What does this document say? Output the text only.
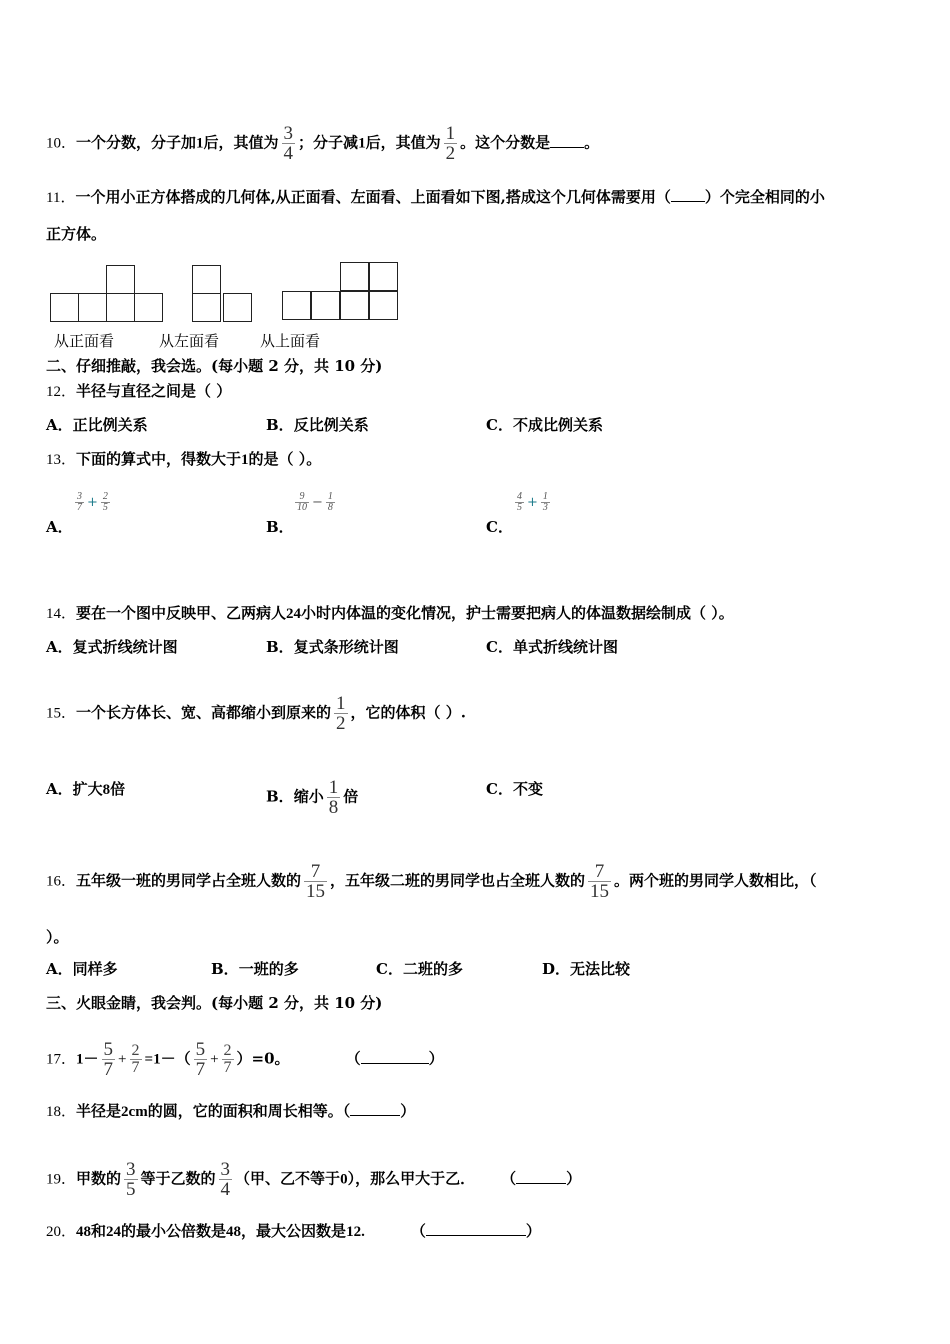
10．一个分数，分子加1后，其值为 $\frac{3}{4}$ ；分子减1后，其值为 $\frac{1}{2}$ 。这个分数是 。
11．一个用小正方体搭成的几何体,从正面看、左面看、上面看如下图,搭成这个几何体需要用（ ）个完全相同的小
正方体。
从正面看	从左面看	从上面看
二、仔细推敲，我会选。(每小题 2 分，共 10 分)
12．半径与直径之间是（ ）
A．正比例关系	B．反比例关系	C．不成比例关系
13．下面的算式中，得数大于1的是（ ）。
A．
$\frac{3}{7} + \frac{2}{5}$
B．
$\frac{9}{10} - \frac{1}{8}$
C．
$\frac{4}{5} + \frac{1}{3}$
14．要在一个图中反映甲、乙两病人24小时内体温的变化情况，护士需要把病人的体温数据绘制成（ ）。
A．复式折线统计图	B．复式条形统计图	C．单式折线统计图
15．一个长方体长、宽、高都缩小到原来的 $\frac{1}{2}$ ，它的体积（ ）.
A．扩大8倍	B．缩小 $\frac{1}{8}$ 倍	C．不变
16．五年级一班的男同学占全班人数的 $\frac{7}{15}$ ，五年级二班的男同学也占全班人数的 $\frac{7}{15}$ 。两个班的男同学人数相比，（
）。
A．同样多	B．一班的多	C．二班的多	D．无法比较
三、火眼金睛，我会判。(每小题 2 分，共 10 分)
17．$1- \frac{5}{7} + \frac{2}{7} =1-( \frac{5}{7} + \frac{2}{7} )=0$。	（	）
18．半径是2cm的圆，它的面积和周长相等。（	）
19．甲数的 $\frac{3}{5}$ 等于乙数的 $\frac{3}{4}$ （甲、乙不等于0），那么甲大于乙． （	）
20．48和24的最小公倍数是48，最大公因数是12.	（	）
